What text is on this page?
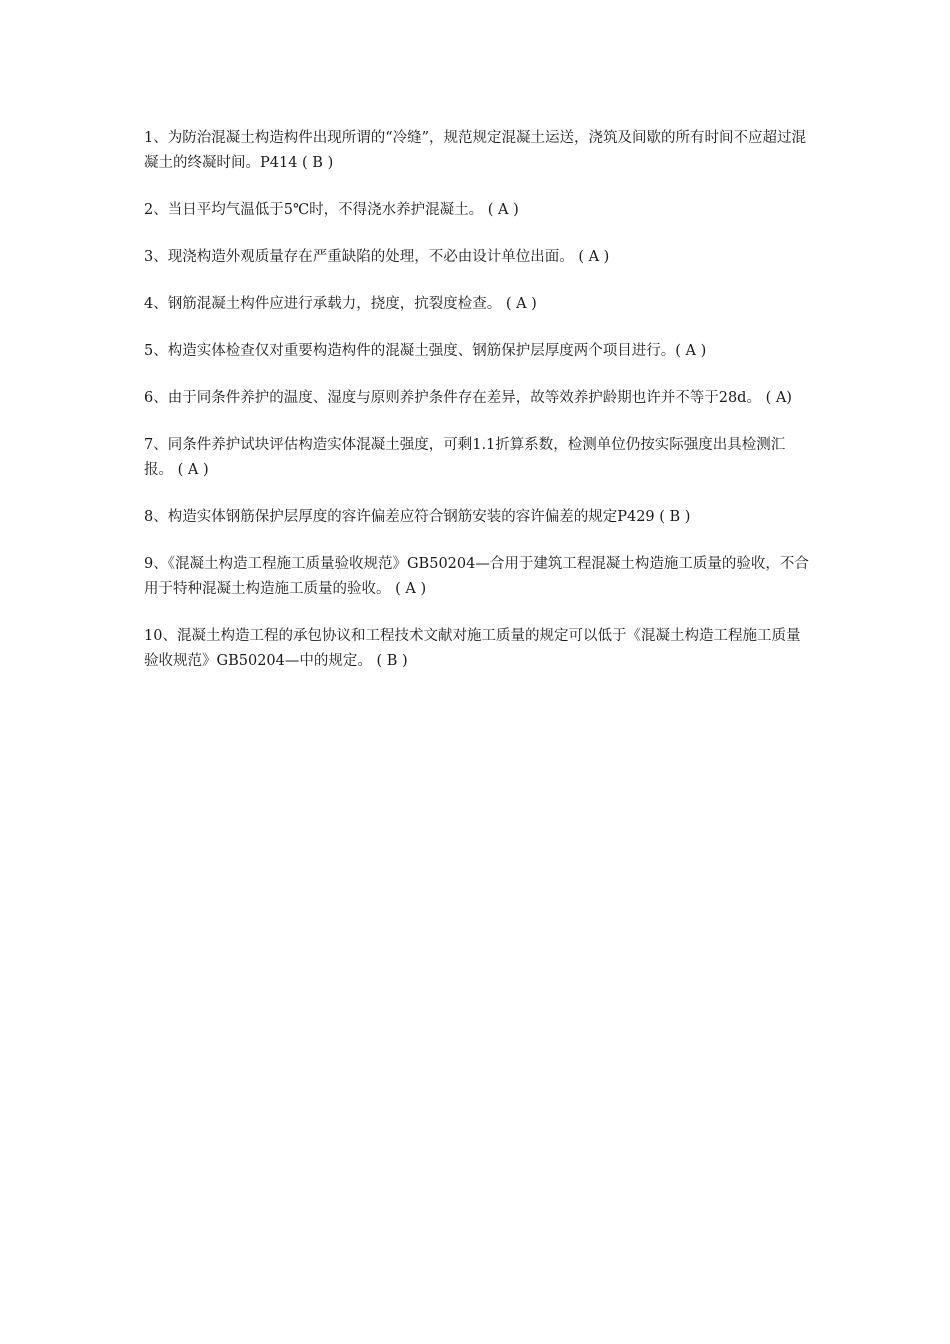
1、为防治混凝土构造构件出现所谓的“冷缝”，规范规定混凝土运送，浇筑及间歇的所有时间不应超过混凝土的终凝时间。P414 ( B )
2、当日平均气温低于5℃时，不得浇水养护混凝土。 ( A )
3、现浇构造外观质量存在严重缺陷的处理，不必由设计单位出面。 ( A )
4、钢筋混凝土构件应进行承载力，挠度，抗裂度检查。 ( A )
5、构造实体检查仅对重要构造构件的混凝土强度、钢筋保护层厚度两个项目进行。( A )
6、由于同条件养护的温度、湿度与原则养护条件存在差异，故等效养护龄期也许并不等于28d。 ( A)
7、同条件养护试块评估构造实体混凝土强度，可剩1.1折算系数，检测单位仍按实际强度出具检测汇报。 ( A )
8、构造实体钢筋保护层厚度的容许偏差应符合钢筋安装的容许偏差的规定P429 ( B )
9、《混凝土构造工程施工质量验收规范》GB50204—合用于建筑工程混凝土构造施工质量的验收，不合用于特种混凝土构造施工质量的验收。 ( A )
10、混凝土构造工程的承包协议和工程技术文献对施工质量的规定可以低于《混凝土构造工程施工质量验收规范》GB50204—中的规定。 ( B )
